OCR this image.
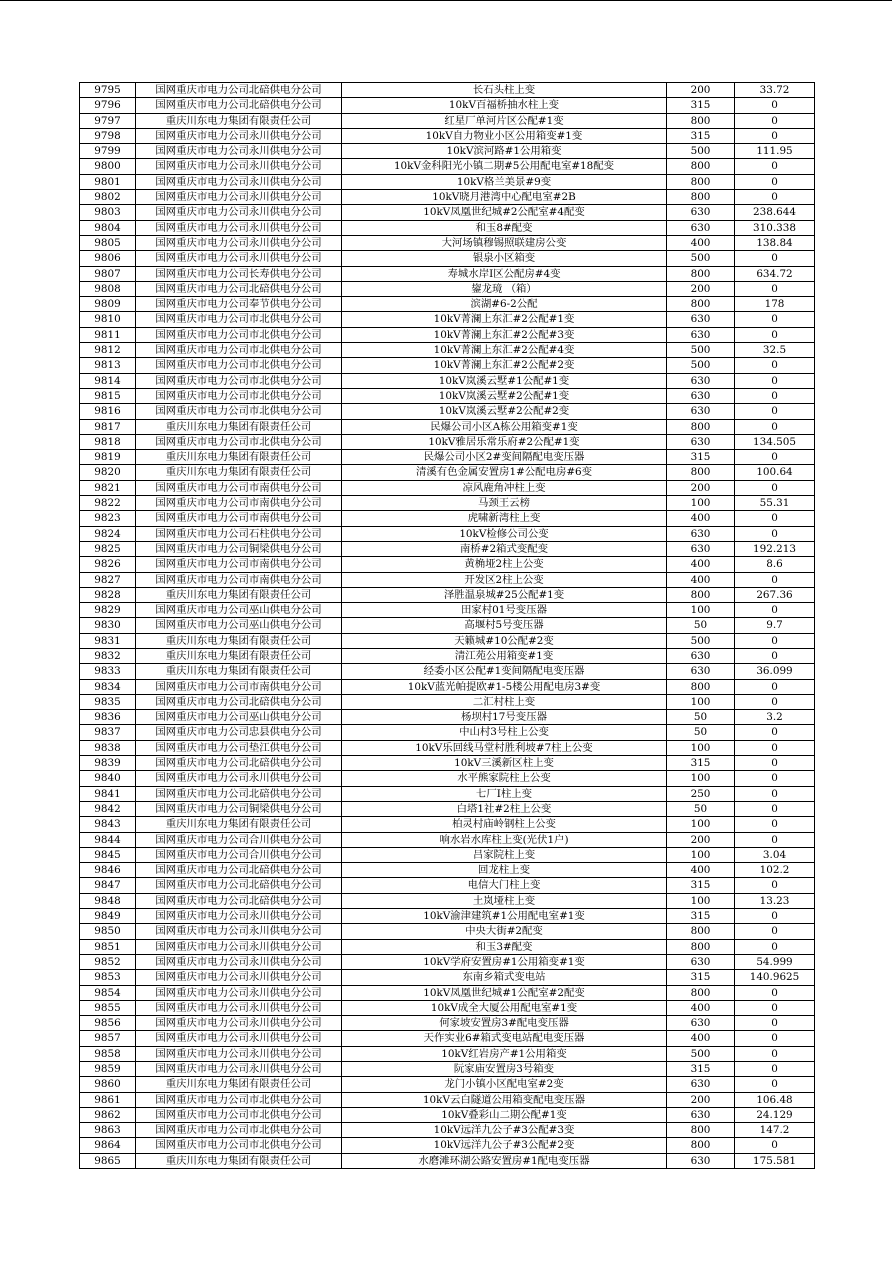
9795	国网重庆市电力公司北碚供电分公司	长石头柱上变	200	33.72
9796	国网重庆市电力公司北碚供电分公司	10kV百福桥抽水柱上变	315	0
9797	重庆川东电力集团有限责任公司	红星厂单河片区公配#1变	800	0
9798	国网重庆市电力公司永川供电分公司	10kV自力物业小区公用箱变#1变	315	0
9799	国网重庆市电力公司永川供电分公司	10kV滨河路#1公用箱变	500	111.95
9800	国网重庆市电力公司永川供电分公司	10kV金科阳光小镇二期#5公用配电室#18配变	800	0
9801	国网重庆市电力公司永川供电分公司	10kV格兰美景#9变	800	0
9802	国网重庆市电力公司永川供电分公司	10kV晓月港湾中心配电室#2B	800	0
9803	国网重庆市电力公司永川供电分公司	10kV凤凰世纪城#2公配室#4配变	630	238.644
9804	国网重庆市电力公司永川供电分公司	和玉8#配变	630	310.338
9805	国网重庆市电力公司永川供电分公司	大河场镇穆锡照联建房公变	400	138.84
9806	国网重庆市电力公司永川供电分公司	银泉小区箱变	500	0
9807	国网重庆市电力公司长寿供电分公司	寿城水岸Ⅰ区公配房#4变	800	634.72
9808	国网重庆市电力公司北碚供电分公司	鋆龙璄 （箱）	200	0
9809	国网重庆市电力公司奉节供电分公司	滨湖#6-2公配	800	178
9810	国网重庆市电力公司市北供电分公司	10kV菁澜上东汇#2公配#1变	630	0
9811	国网重庆市电力公司市北供电分公司	10kV菁澜上东汇#2公配#3变	630	0
9812	国网重庆市电力公司市北供电分公司	10kV菁澜上东汇#2公配#4变	500	32.5
9813	国网重庆市电力公司市北供电分公司	10kV菁澜上东汇#2公配#2变	500	0
9814	国网重庆市电力公司市北供电分公司	10kV岚溪云墅#1公配#1变	630	0
9815	国网重庆市电力公司市北供电分公司	10kV岚溪云墅#2公配#1变	630	0
9816	国网重庆市电力公司市北供电分公司	10kV岚溪云墅#2公配#2变	630	0
9817	重庆川东电力集团有限责任公司	民爆公司小区A栋公用箱变#1变	800	0
9818	国网重庆市电力公司市北供电分公司	10kV雅居乐常乐府#2公配#1变	630	134.505
9819	重庆川东电力集团有限责任公司	民爆公司小区2#变间隔配电变压器	315	0
9820	重庆川东电力集团有限责任公司	清溪有色金属安置房1#公配电房#6变	800	100.64
9821	国网重庆市电力公司市南供电分公司	凉风鹿角冲柱上变	200	0
9822	国网重庆市电力公司市南供电分公司	马颈王云榜	100	55.31
9823	国网重庆市电力公司市南供电分公司	虎啸新湾柱上变	400	0
9824	国网重庆市电力公司石柱供电分公司	10kV检修公司公变	630	0
9825	国网重庆市电力公司铜梁供电分公司	南桥#2箱式变配变	630	192.213
9826	国网重庆市电力公司市南供电分公司	黄桷垭2柱上公变	400	8.6
9827	国网重庆市电力公司市南供电分公司	开发区2柱上公变	400	0
9828	重庆川东电力集团有限责任公司	泽胜温泉城#25公配#1变	800	267.36
9829	国网重庆市电力公司巫山供电分公司	田家村01号变压器	100	0
9830	国网重庆市电力公司巫山供电分公司	高堰村5号变压器	50	9.7
9831	重庆川东电力集团有限责任公司	天籁城#10公配#2变	500	0
9832	重庆川东电力集团有限责任公司	清江苑公用箱变#1变	630	0
9833	重庆川东电力集团有限责任公司	经委小区公配#1变间隔配电变压器	630	36.099
9834	国网重庆市电力公司市南供电分公司	10kV蓝光帕提欧#1-5楼公用配电房3#变	800	0
9835	国网重庆市电力公司北碚供电分公司	二汇村柱上变	100	0
9836	国网重庆市电力公司巫山供电分公司	杨坝村17号变压器	50	3.2
9837	国网重庆市电力公司忠县供电分公司	中山村3号柱上公变	50	0
9838	国网重庆市电力公司垫江供电分公司	10kV乐回线马堂村胜利坡#7柱上公变	100	0
9839	国网重庆市电力公司北碚供电分公司	10kV三溪新区柱上变	315	0
9840	国网重庆市电力公司永川供电分公司	水平熊家院柱上公变	100	0
9841	国网重庆市电力公司北碚供电分公司	七厂Ⅰ柱上变	250	0
9842	国网重庆市电力公司铜梁供电分公司	白塔1社#2柱上公变	50	0
9843	重庆川东电力集团有限责任公司	柏灵村庙岭钢柱上公变	100	0
9844	国网重庆市电力公司合川供电分公司	响水岩水库柱上变(光伏1户)	200	0
9845	国网重庆市电力公司合川供电分公司	吕家院柱上变	100	3.04
9846	国网重庆市电力公司北碚供电分公司	回龙柱上变	400	102.2
9847	国网重庆市电力公司北碚供电分公司	电信大门柱上变	315	0
9848	国网重庆市电力公司北碚供电分公司	土岚垭柱上变	100	13.23
9849	国网重庆市电力公司永川供电分公司	10kV渝津建筑#1公用配电室#1变	315	0
9850	国网重庆市电力公司永川供电分公司	中央大街#2配变	800	0
9851	国网重庆市电力公司永川供电分公司	和玉3#配变	800	0
9852	国网重庆市电力公司永川供电分公司	10kV学府安置房#1公用箱变#1变	630	54.999
9853	国网重庆市电力公司永川供电分公司	东南乡箱式变电站	315	140.9625
9854	国网重庆市电力公司永川供电分公司	10kV凤凰世纪城#1公配室#2配变	800	0
9855	国网重庆市电力公司永川供电分公司	10kV成全大厦公用配电室#1变	400	0
9856	国网重庆市电力公司永川供电分公司	何家坡安置房3#配电变压器	630	0
9857	国网重庆市电力公司永川供电分公司	天作实业6#箱式变电站配电变压器	400	0
9858	国网重庆市电力公司永川供电分公司	10kV红岩房产#1公用箱变	500	0
9859	国网重庆市电力公司永川供电分公司	阮家庙安置房3号箱变	315	0
9860	重庆川东电力集团有限责任公司	龙门小镇小区配电室#2变	630	0
9861	国网重庆市电力公司市北供电分公司	10kV云白隧道公用箱变配电变压器	200	106.48
9862	国网重庆市电力公司市北供电分公司	10kV叠彩山二期公配#1变	630	24.129
9863	国网重庆市电力公司市北供电分公司	10kV远洋九公子#3公配#3变	800	147.2
9864	国网重庆市电力公司市北供电分公司	10kV远洋九公子#3公配#2变	800	0
9865	重庆川东电力集团有限责任公司	水磨滩环湖公路安置房#1配电变压器	630	175.581
